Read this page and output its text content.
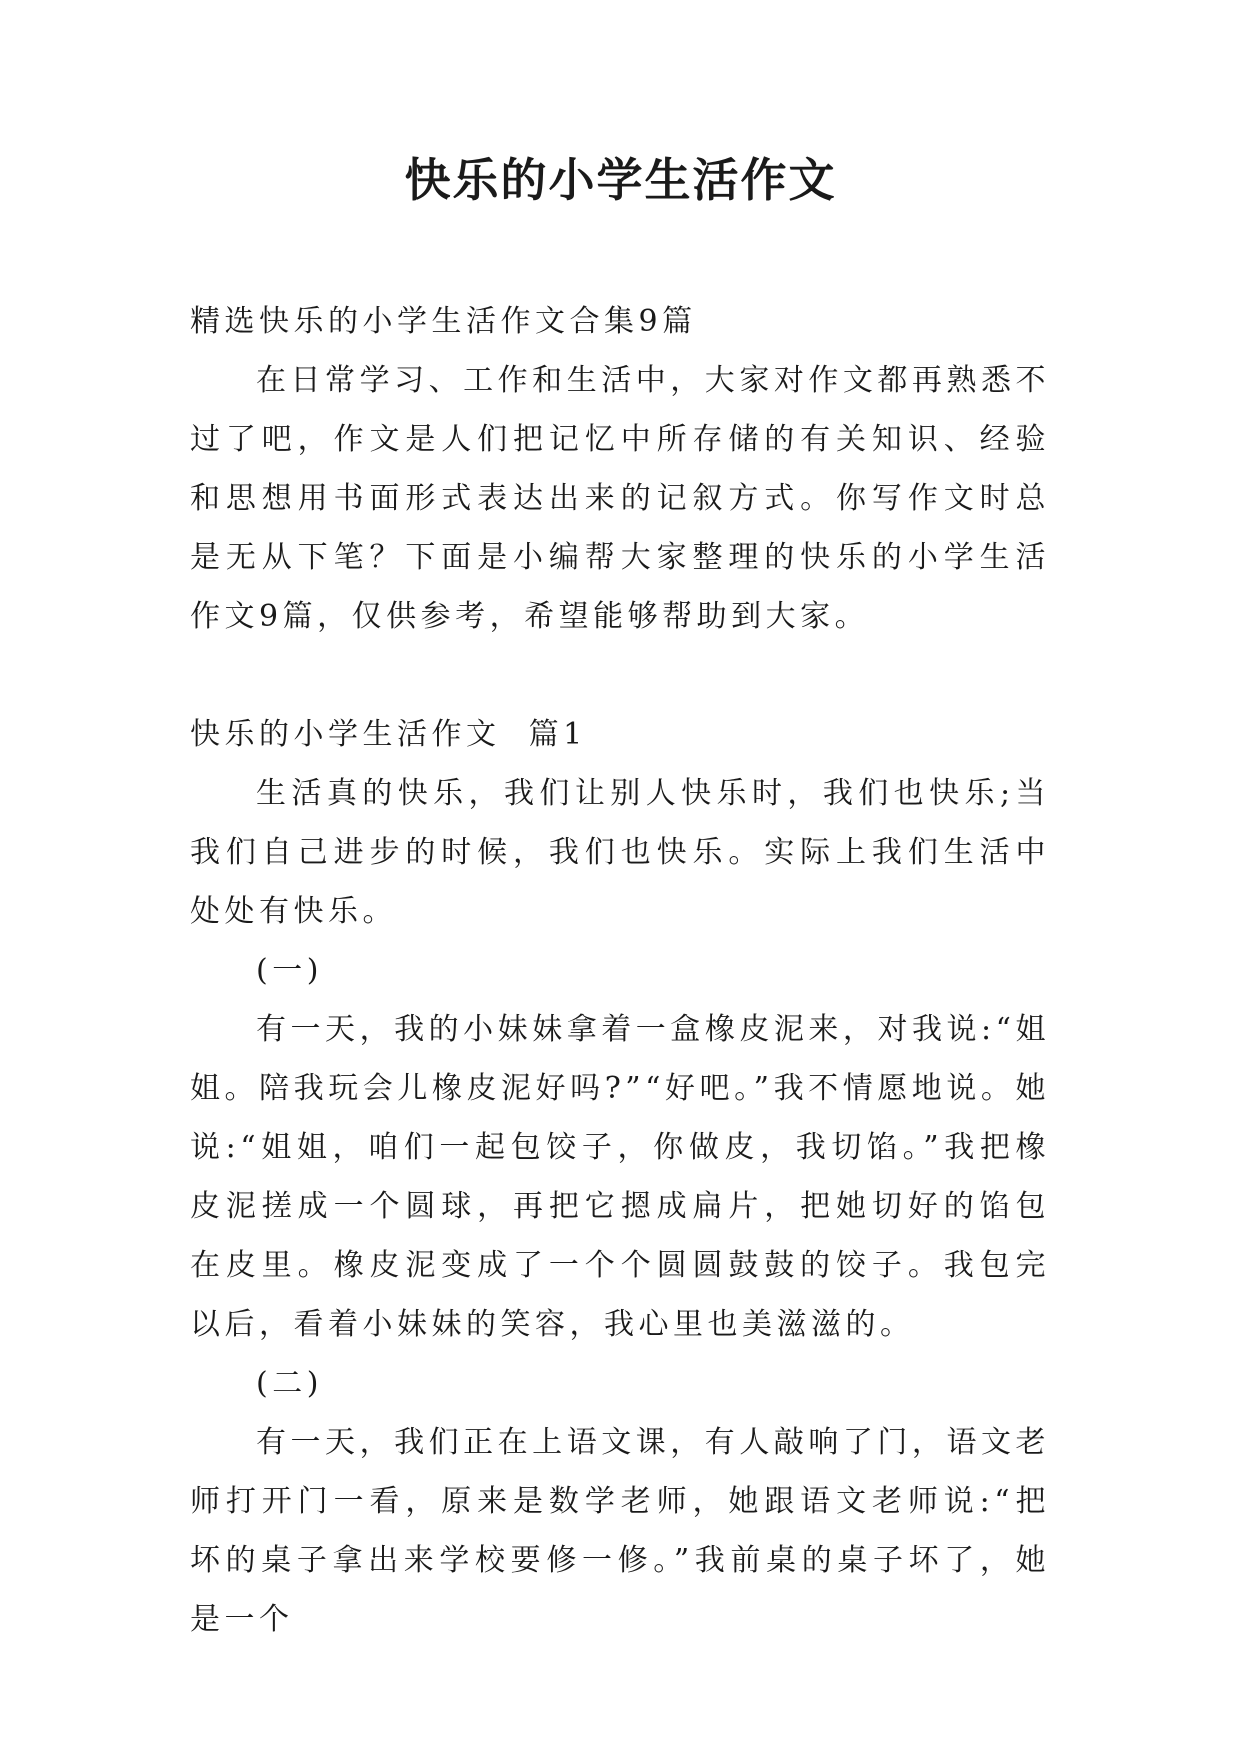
快乐的小学生活作文

精选快乐的小学生活作文合集9篇

在日常学习、工作和生活中，大家对作文都再熟悉不过了吧，作文是人们把记忆中所存储的有关知识、经验和思想用书面形式表达出来的记叙方式。你写作文时总是无从下笔？下面是小编帮大家整理的快乐的小学生活作文9篇，仅供参考，希望能够帮助到大家。

快乐的小学生活作文  篇1

生活真的快乐，我们让别人快乐时，我们也快乐;当我们自己进步的时候，我们也快乐。实际上我们生活中处处有快乐。

(一)

有一天，我的小妹妹拿着一盒橡皮泥来，对我说:“姐姐。陪我玩会儿橡皮泥好吗?”“好吧。”我不情愿地说。她说:“姐姐，咱们一起包饺子，你做皮，我切馅。”我把橡皮泥搓成一个圆球，再把它摁成扁片，把她切好的馅包在皮里。橡皮泥变成了一个个圆圆鼓鼓的饺子。我包完以后，看着小妹妹的笑容，我心里也美滋滋的。

(二)

有一天，我们正在上语文课，有人敲响了门，语文老师打开门一看，原来是数学老师，她跟语文老师说:“把坏的桌子拿出来学校要修一修。”我前桌的桌子坏了，她是一个
